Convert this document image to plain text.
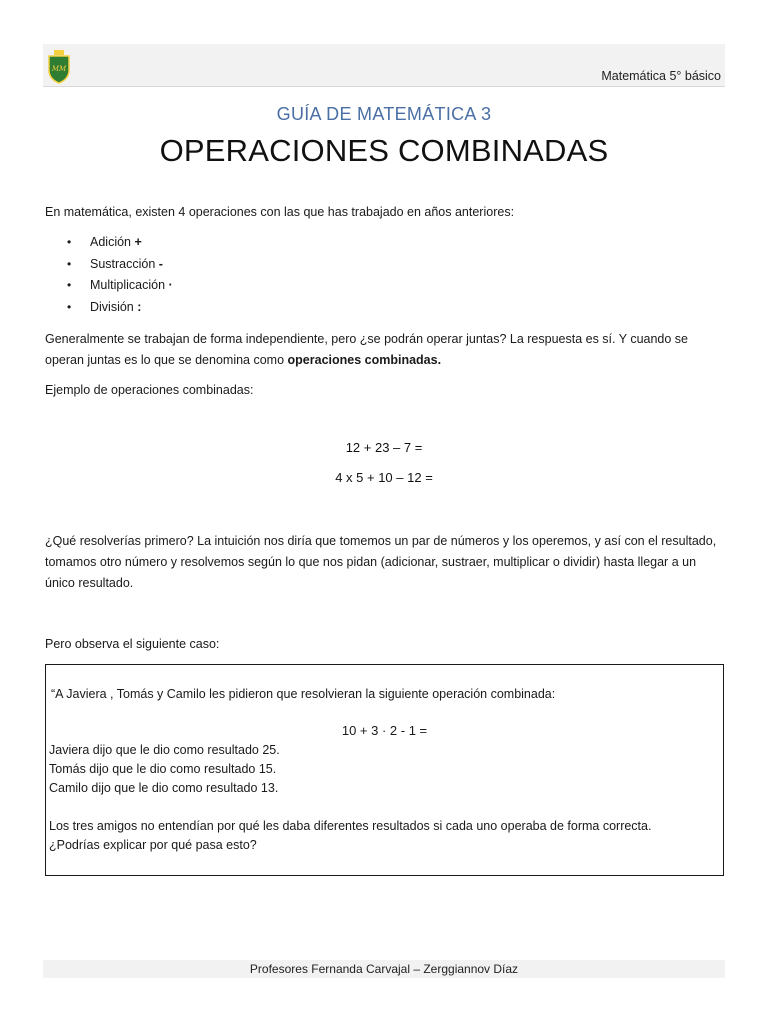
MM	Matemática 5° básico
GUÍA DE MATEMÁTICA 3
OPERACIONES COMBINADAS
En matemática, existen 4 operaciones con las que has trabajado en años anteriores:
• Adición +
• Sustracción -
• Multiplicación ·
• División :
Generalmente se trabajan de forma independiente, pero ¿se podrán operar juntas? La respuesta es sí. Y cuando se operan juntas es lo que se denomina como operaciones combinadas.
Ejemplo de operaciones combinadas:
12 + 23 – 7 =
4 x 5 + 10 – 12 =
¿Qué resolverías primero? La intuición nos diría que tomemos un par de números y los operemos, y así con el resultado, tomamos otro número y resolvemos según lo que nos pidan (adicionar, sustraer, multiplicar o dividir) hasta llegar a un único resultado.
Pero observa el siguiente caso:
“A Javiera , Tomás y Camilo les pidieron que resolvieran la siguiente operación combinada:
10 + 3 · 2 - 1 =
Javiera dijo que le dio como resultado 25.
Tomás dijo que le dio como resultado 15.
Camilo dijo que le dio como resultado 13.
Los tres amigos no entendían por qué les daba diferentes resultados si cada uno operaba de forma correcta.
¿Podrías explicar por qué pasa esto?
Profesores Fernanda Carvajal – Zerggiannov Díaz
